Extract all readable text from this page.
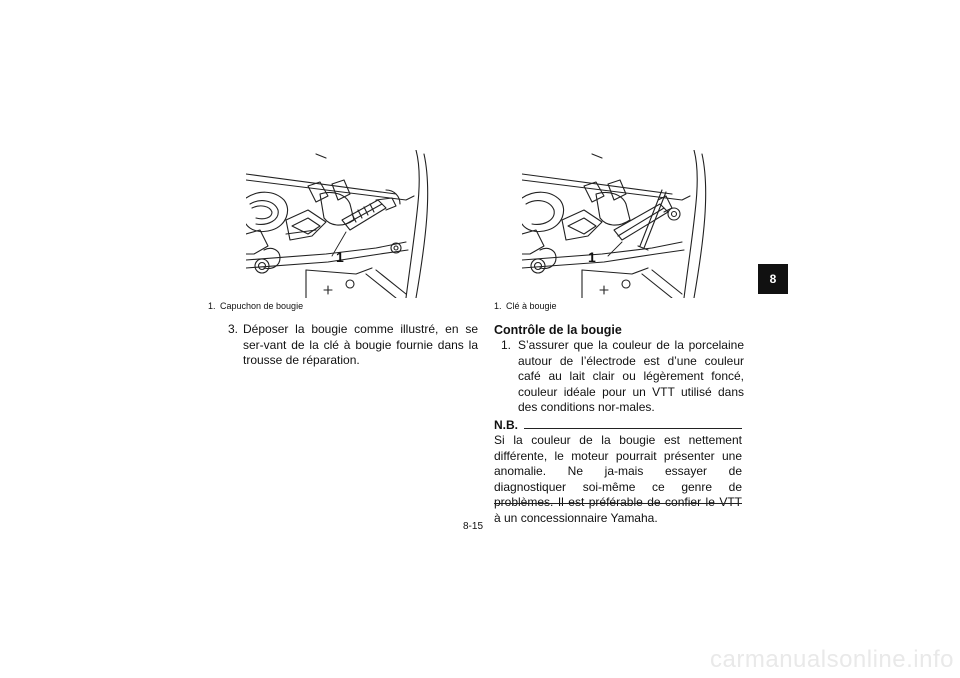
1
1. Capuchon de bougie
3. Déposer la bougie comme illustré, en se ser-vant de la clé à bougie fournie dans la trousse de réparation.
1
1. Clé à bougie
Contrôle de la bougie
1. S’assurer que la couleur de la porcelaine autour de l’électrode est d’une couleur café au lait clair ou légèrement foncé, couleur idéale pour un VTT utilisé dans des conditions nor-males.
N.B.
Si la couleur de la bougie est nettement différente, le moteur pourrait présenter une anomalie. Ne ja-mais essayer de diagnostiquer soi-même ce genre de problèmes. Il est préférable de confier le VTT à un concessionnaire Yamaha.
8-15
8
carmanualsonline.info
